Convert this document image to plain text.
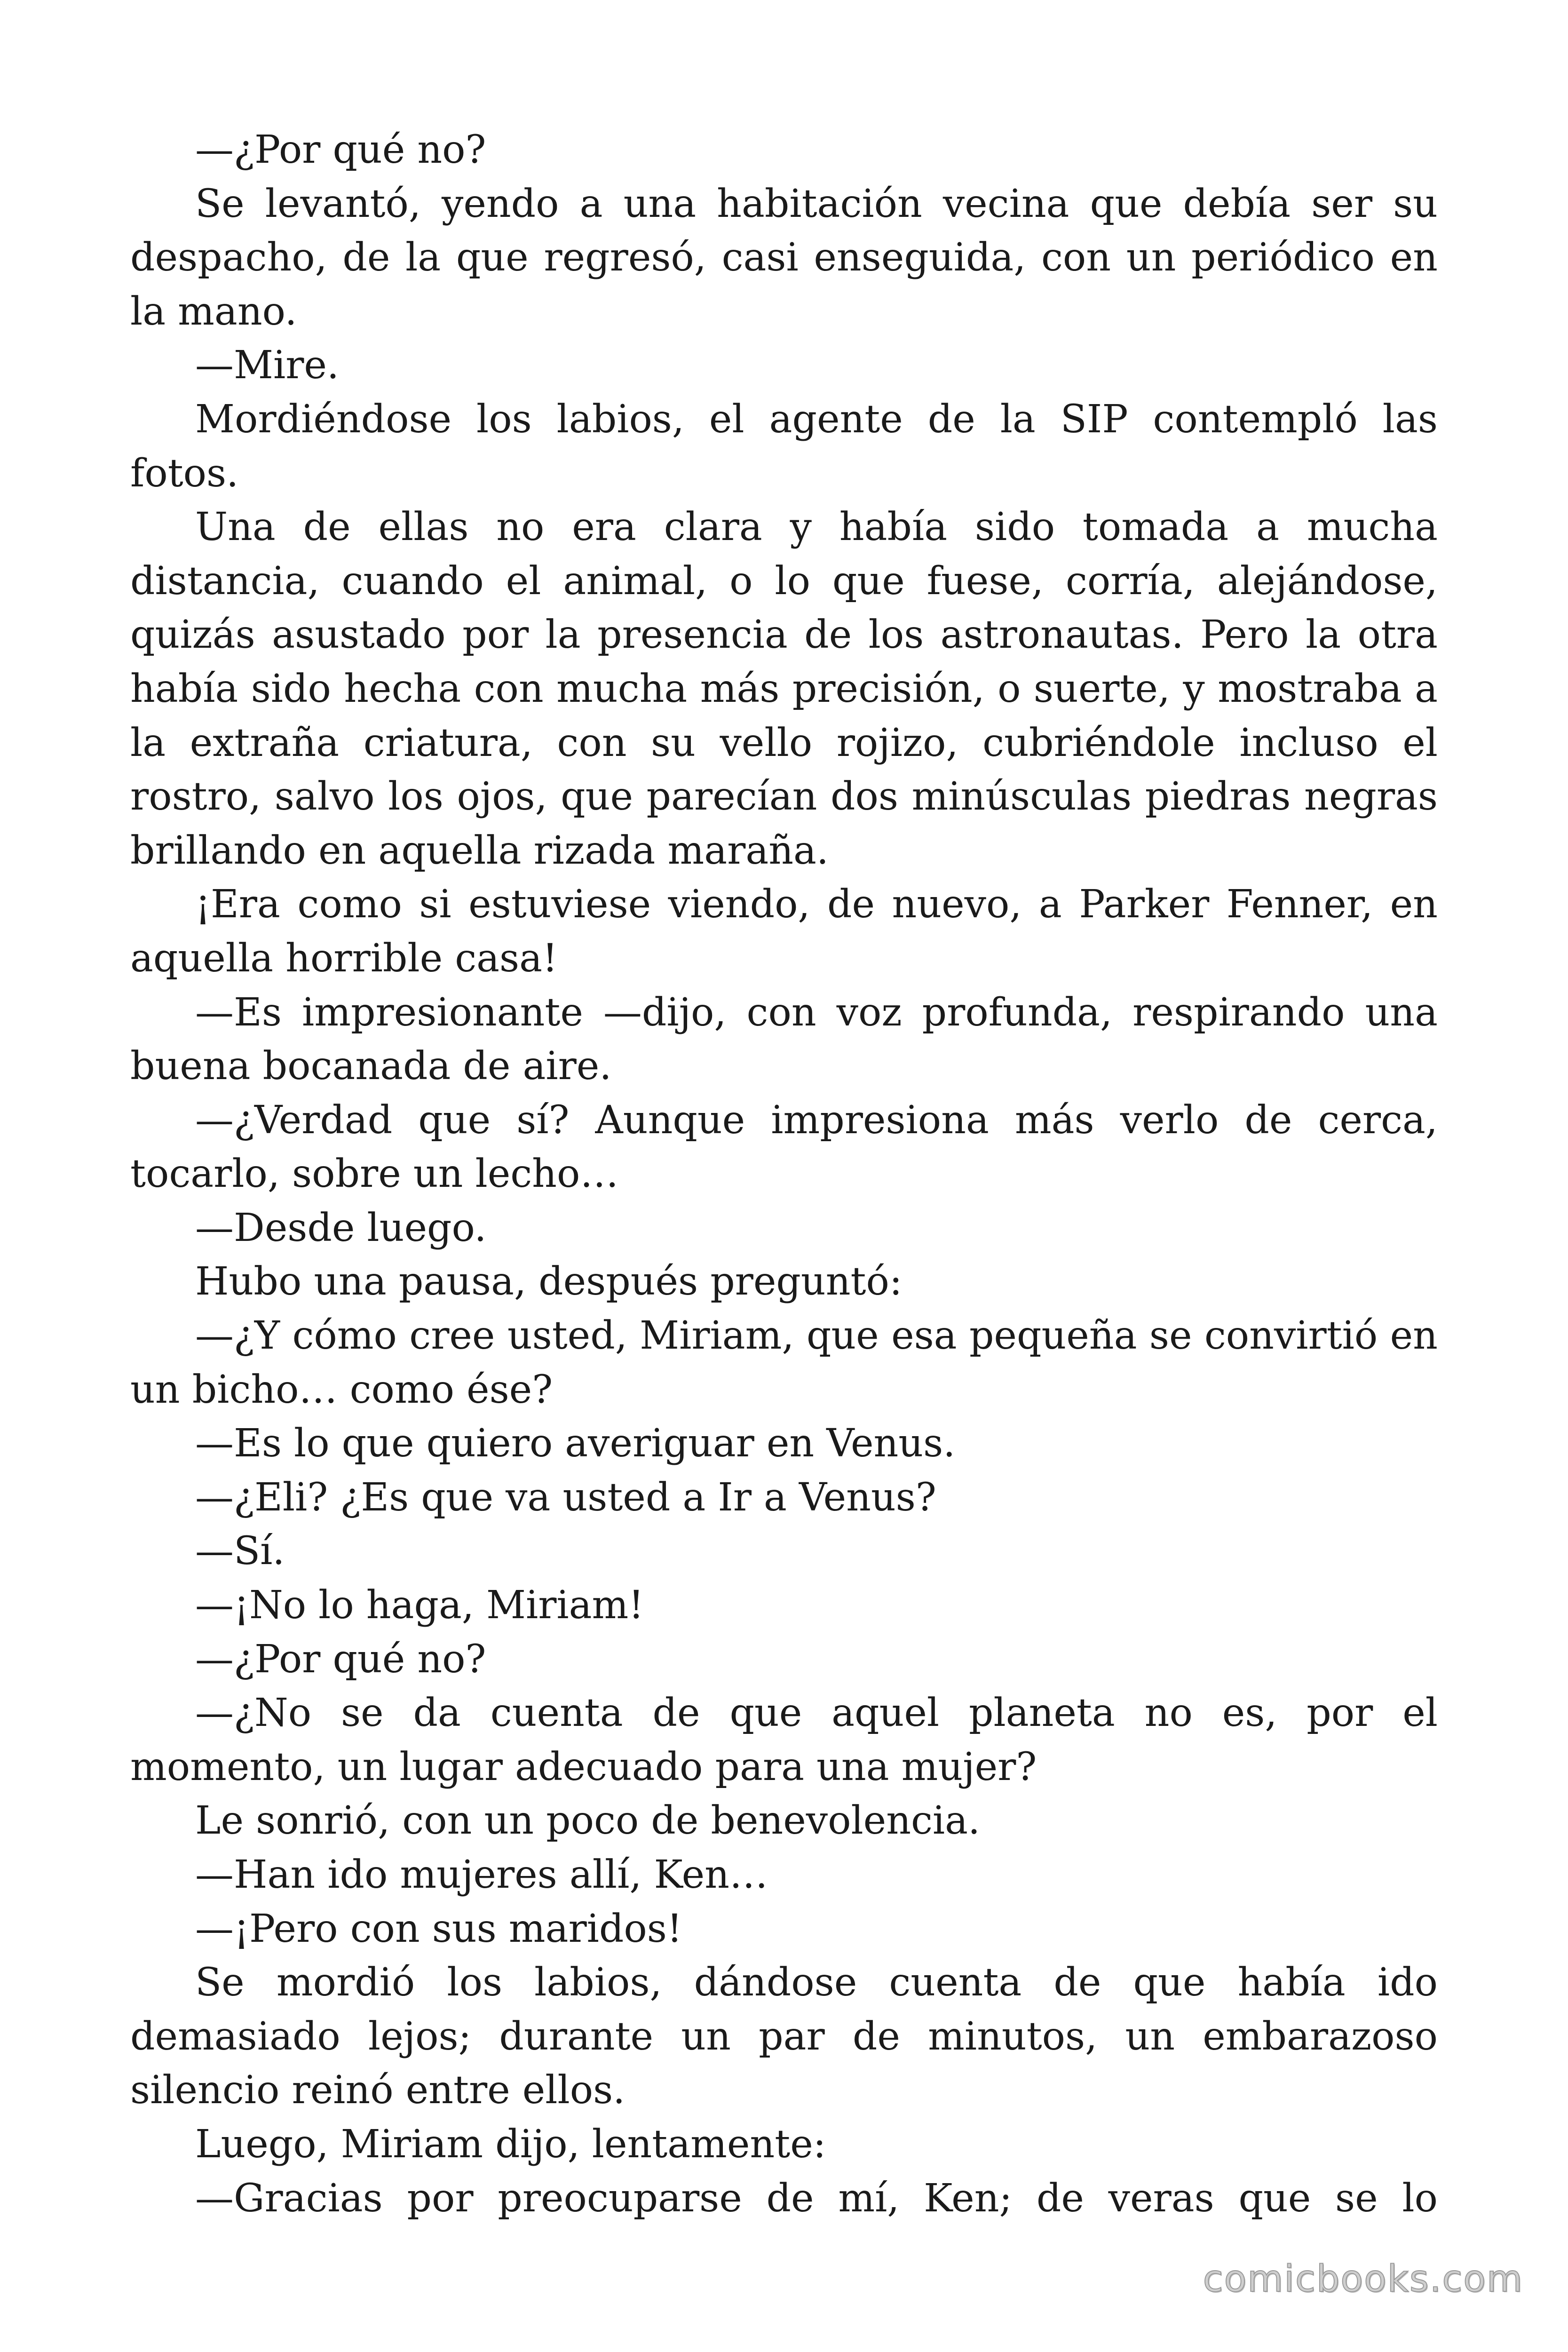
—¿Por qué no?

Se levantó, yendo a una habitación vecina que debía ser su despacho, de la que regresó, casi enseguida, con un periódico en la mano.

—Mire.

Mordiéndose los labios, el agente de la SIP contempló las fotos.

Una de ellas no era clara y había sido tomada a mucha distancia, cuando el animal, o lo que fuese, corría, alejándose, quizás asustado por la presencia de los astronautas. Pero la otra había sido hecha con mucha más precisión, o suerte, y mostraba a la extraña criatura, con su vello rojizo, cubriéndole incluso el rostro, salvo los ojos, que parecían dos minúsculas piedras negras brillando en aquella rizada maraña.

¡Era como si estuviese viendo, de nuevo, a Parker Fenner, en aquella horrible casa!

—Es impresionante —dijo, con voz profunda, respirando una buena bocanada de aire.

—¿Verdad que sí? Aunque impresiona más verlo de cerca, tocarlo, sobre un lecho…

—Desde luego.

Hubo una pausa, después preguntó:

—¿Y cómo cree usted, Miriam, que esa pequeña se convirtió en un bicho… como ése?

—Es lo que quiero averiguar en Venus.

—¿Eli? ¿Es que va usted a Ir a Venus?

—Sí.

—¡No lo haga, Miriam!

—¿Por qué no?

—¿No se da cuenta de que aquel planeta no es, por el momento, un lugar adecuado para una mujer?

Le sonrió, con un poco de benevolencia.

—Han ido mujeres allí, Ken…

—¡Pero con sus maridos!

Se mordió los labios, dándose cuenta de que había ido demasiado lejos; durante un par de minutos, un embarazoso silencio reinó entre ellos.

Luego, Miriam dijo, lentamente:

—Gracias por preocuparse de mí, Ken; de veras que se lo

comicbooks.com
